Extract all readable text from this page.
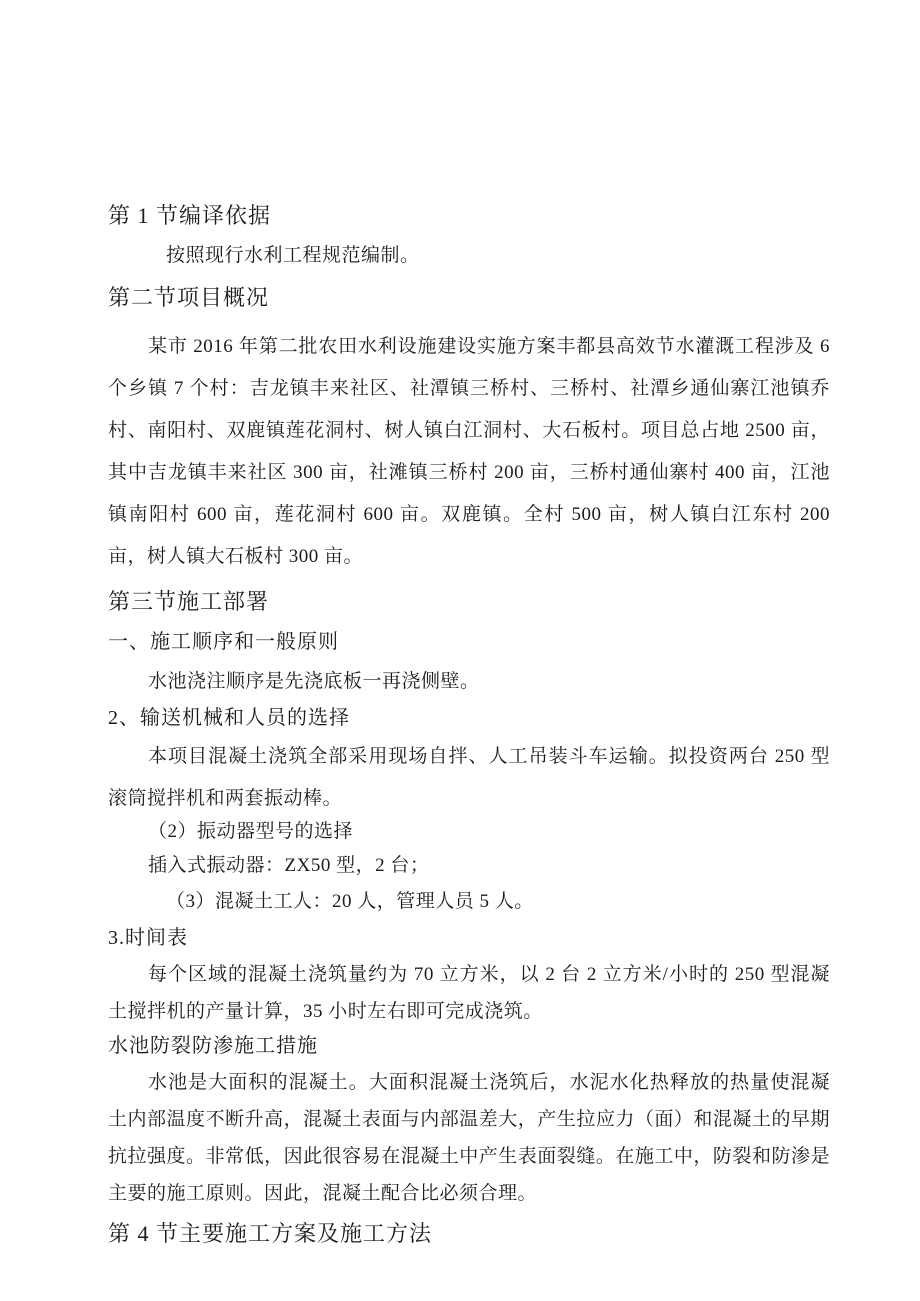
第 1 节编译依据
按照现行水利工程规范编制。
第二节项目概况
某市 2016 年第二批农田水利设施建设实施方案丰都县高效节水灌溉工程涉及 6 个乡镇 7 个村：吉龙镇丰来社区、社潭镇三桥村、三桥村、社潭乡通仙寨江池镇乔村、南阳村、双鹿镇莲花洞村、树人镇白江洞村、大石板村。项目总占地 2500 亩，其中吉龙镇丰来社区 300 亩，社滩镇三桥村 200 亩，三桥村通仙寨村 400 亩，江池镇南阳村 600 亩，莲花洞村 600 亩。双鹿镇。全村 500 亩，树人镇白江东村 200 亩，树人镇大石板村 300 亩。
第三节施工部署
一、施工顺序和一般原则
水池浇注顺序是先浇底板一再浇侧壁。
2、输送机械和人员的选择
本项目混凝土浇筑全部采用现场自拌、人工吊装斗车运输。拟投资两台 250 型滚筒搅拌机和两套振动棒。
（2）振动器型号的选择
插入式振动器：ZX50 型，2 台；
（3）混凝土工人：20 人，管理人员 5 人。
3.时间表
每个区域的混凝土浇筑量约为 70 立方米，以 2 台 2 立方米/小时的 250 型混凝土搅拌机的产量计算，35 小时左右即可完成浇筑。
水池防裂防渗施工措施
水池是大面积的混凝土。大面积混凝土浇筑后，水泥水化热释放的热量使混凝土内部温度不断升高，混凝土表面与内部温差大，产生拉应力（面）和混凝土的早期抗拉强度。非常低，因此很容易在混凝土中产生表面裂缝。在施工中，防裂和防渗是主要的施工原则。因此，混凝土配合比必须合理。
第 4 节主要施工方案及施工方法
